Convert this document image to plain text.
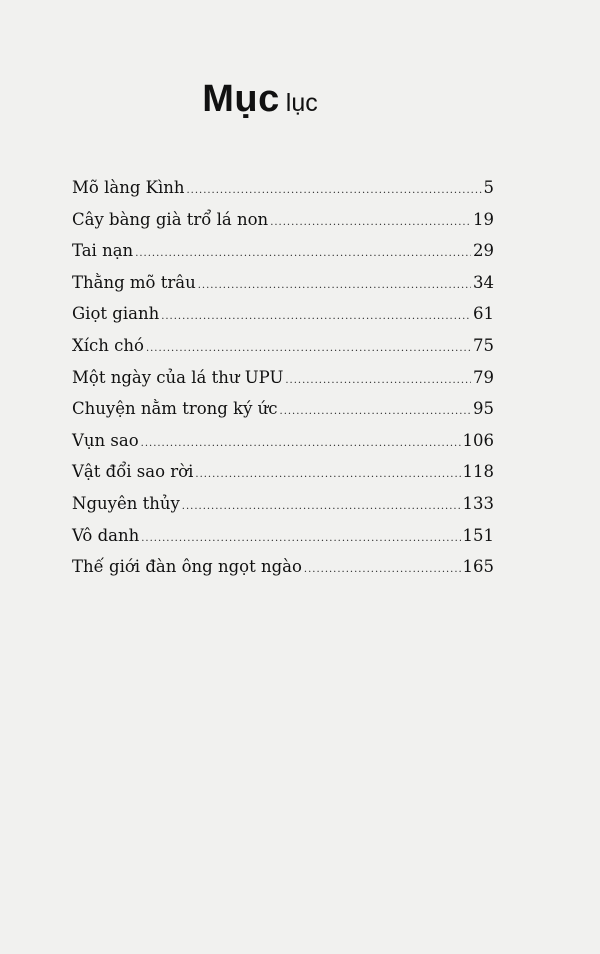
Mục lục
Mõ làng Kình .....	5
Cây bàng già trổ lá non .....	19
Tai nạn .....	29
Thằng mõ trâu .....	34
Giọt gianh .....	61
Xích chó .....	75
Một ngày của lá thư UPU .....	79
Chuyện nằm trong ký ức .....	95
Vụn sao .....	106
Vật đổi sao rời .....	118
Nguyên thủy .....	133
Vô danh .....	151
Thế giới đàn ông ngọt ngào .....	165
